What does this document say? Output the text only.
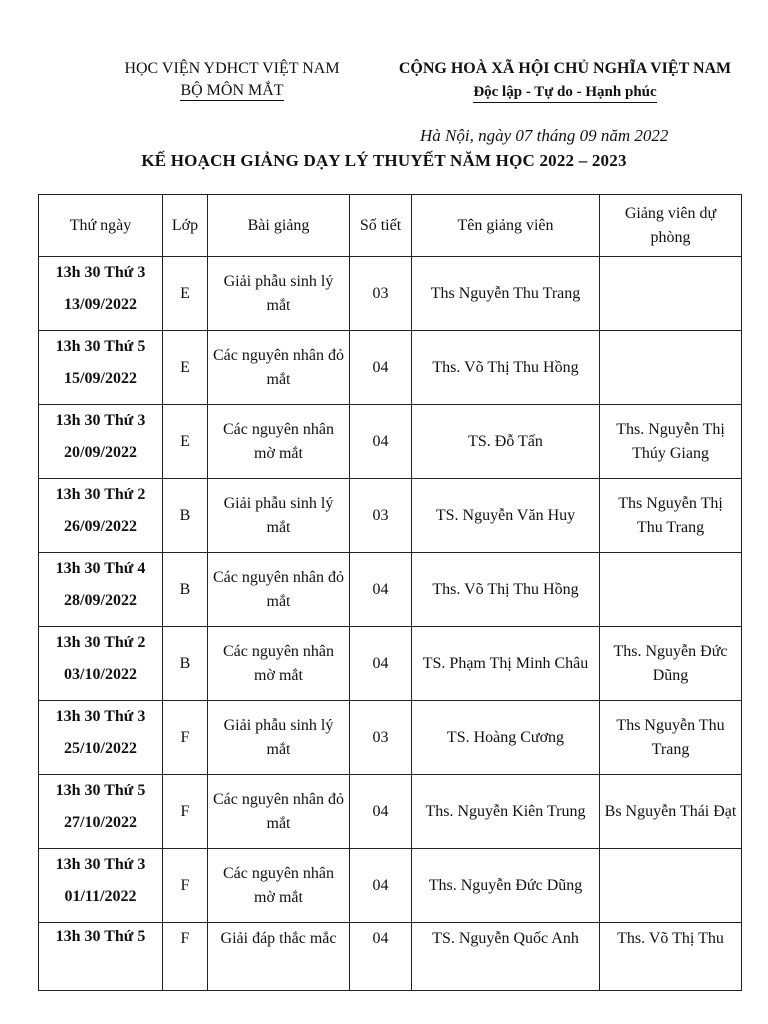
HỌC VIỆN YDHCT VIỆT NAM
BỘ MÔN MẮT
CỘNG HOÀ XÃ HỘI CHỦ NGHĨA VIỆT NAM
Độc lập - Tự do - Hạnh phúc
Hà Nội, ngày 07 tháng 09 năm 2022
KẾ HOẠCH GIẢNG DẠY LÝ THUYẾT NĂM HỌC 2022 – 2023
Thứ ngày	Lớp	Bài giảng	Số tiết	Tên giảng viên	Giảng viên dự phòng

13h 30 Thứ 3
13/09/2022	E	Giải phẫu sinh lý mắt	03	Ths Nguyễn Thu Trang	

13h 30 Thứ 5
15/09/2022	E	Các nguyên nhân đỏ mắt	04	Ths. Võ Thị Thu Hồng	

13h 30 Thứ 3
20/09/2022	E	Các nguyên nhân mờ mắt	04	TS. Đỗ Tấn	Ths. Nguyễn Thị Thúy Giang

13h 30 Thứ 2
26/09/2022	B	Giải phẫu sinh lý mắt	03	TS. Nguyễn Văn Huy	Ths Nguyễn Thị Thu Trang

13h 30 Thứ 4
28/09/2022	B	Các nguyên nhân đỏ mắt	04	Ths. Võ Thị Thu Hồng	

13h 30 Thứ 2
03/10/2022	B	Các nguyên nhân mờ mắt	04	TS. Phạm Thị Minh Châu	Ths. Nguyễn Đức Dũng

13h 30 Thứ 3
25/10/2022	F	Giải phẫu sinh lý mắt	03	TS. Hoàng Cương	Ths Nguyễn Thu Trang

13h 30 Thứ 5
27/10/2022	F	Các nguyên nhân đỏ mắt	04	Ths. Nguyễn Kiên Trung	Bs Nguyễn Thái Đạt

13h 30 Thứ 3
01/11/2022	F	Các nguyên nhân mờ mắt	04	Ths. Nguyễn Đức Dũng	

13h 30 Thứ 5	F	Giải đáp thắc mắc	04	TS. Nguyễn Quốc Anh	Ths. Võ Thị Thu
